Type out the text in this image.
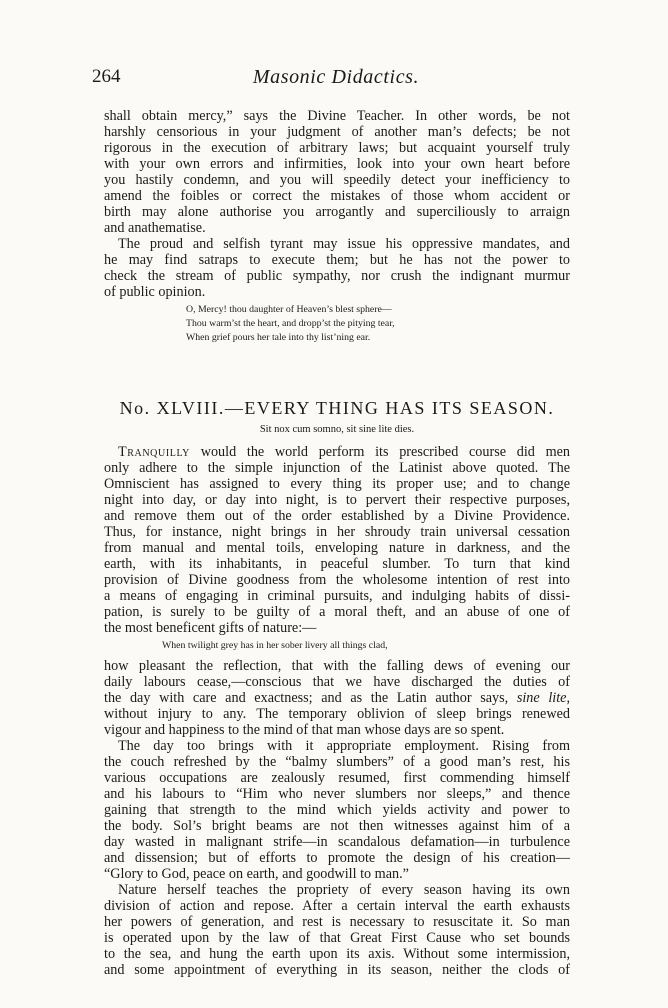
264	Masonic Didactics.
shall obtain mercy,” says the Divine Teacher. In other words, be not
harshly censorious in your judgment of another man’s defects; be not
rigorous in the execution of arbitrary laws; but acquaint yourself truly
with your own errors and infirmities, look into your own heart before
you hastily condemn, and you will speedily detect your inefficiency to
amend the foibles or correct the mistakes of those whom accident or
birth may alone authorise you arrogantly and superciliously to arraign
and anathematise.
The proud and selfish tyrant may issue his oppressive mandates, and
he may find satraps to execute them; but he has not the power to
check the stream of public sympathy, nor crush the indignant murmur
of public opinion.
O, Mercy! thou daughter of Heaven’s blest sphere—
Thou warm’st the heart, and dropp’st the pitying tear,
When grief pours her tale into thy list’ning ear.
No. XLVIII.—EVERY THING HAS ITS SEASON.
Sit nox cum somno, sit sine lite dies.
Tranquilly would the world perform its prescribed course did men
only adhere to the simple injunction of the Latinist above quoted. The
Omniscient has assigned to every thing its proper use; and to change
night into day, or day into night, is to pervert their respective purposes,
and remove them out of the order established by a Divine Providence.
Thus, for instance, night brings in her shroudy train universal cessation
from manual and mental toils, enveloping nature in darkness, and the
earth, with its inhabitants, in peaceful slumber. To turn that kind
provision of Divine goodness from the wholesome intention of rest into
a means of engaging in criminal pursuits, and indulging habits of dissi-
pation, is surely to be guilty of a moral theft, and an abuse of one of
the most beneficent gifts of nature:—
When twilight grey has in her sober livery all things clad,
how pleasant the reflection, that with the falling dews of evening our
daily labours cease,—conscious that we have discharged the duties of
the day with care and exactness; and as the Latin author says, sine lite,
without injury to any. The temporary oblivion of sleep brings renewed
vigour and happiness to the mind of that man whose days are so spent.
The day too brings with it appropriate employment. Rising from
the couch refreshed by the “balmy slumbers” of a good man’s rest, his
various occupations are zealously resumed, first commending himself
and his labours to “Him who never slumbers nor sleeps,” and thence
gaining that strength to the mind which yields activity and power to
the body. Sol’s bright beams are not then witnesses against him of a
day wasted in malignant strife—in scandalous defamation—in turbulence
and dissension; but of efforts to promote the design of his creation—
“Glory to God, peace on earth, and goodwill to man.”
Nature herself teaches the propriety of every season having its own
division of action and repose. After a certain interval the earth exhausts
her powers of generation, and rest is necessary to resuscitate it. So man
is operated upon by the law of that Great First Cause who set bounds
to the sea, and hung the earth upon its axis. Without some intermission,
and some appointment of everything in its season, neither the clods of
